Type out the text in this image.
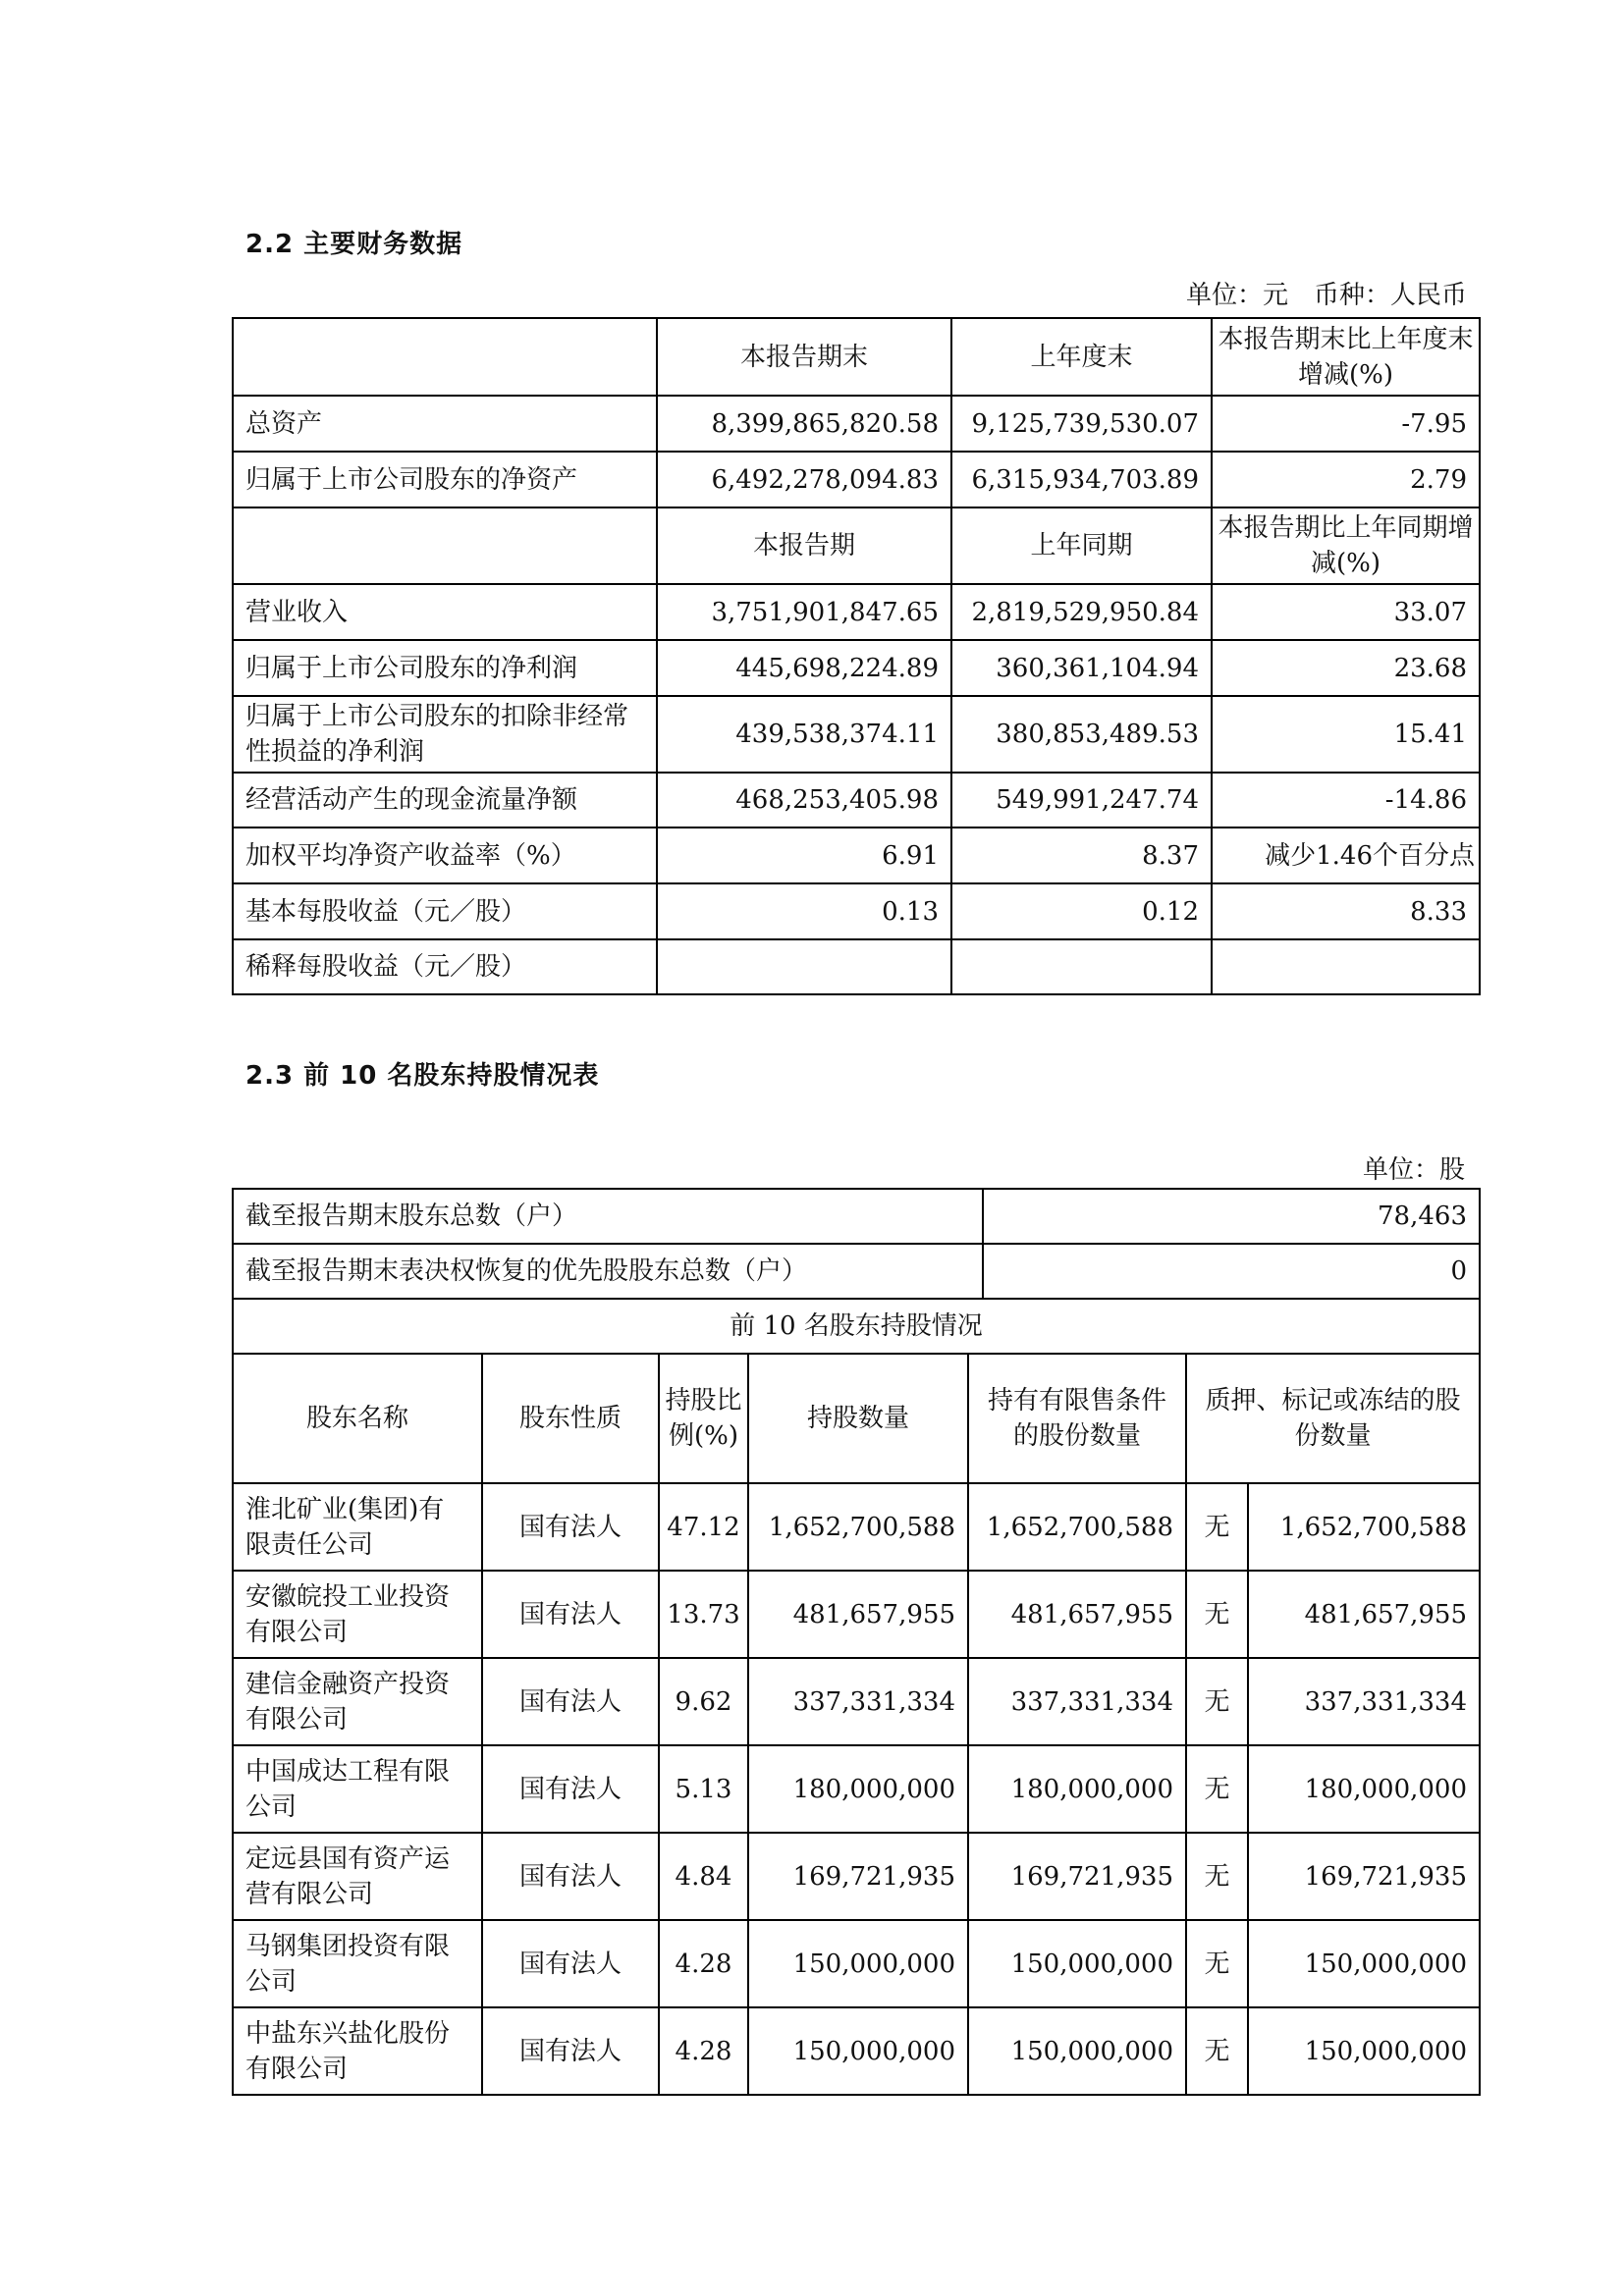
2.2 主要财务数据
单位：元　币种：人民币
	本报告期末	上年度末	本报告期末比上年度末增减(%)
总资产	8,399,865,820.58	9,125,739,530.07	-7.95
归属于上市公司股东的净资产	6,492,278,094.83	6,315,934,703.89	2.79
	本报告期	上年同期	本报告期比上年同期增减(%)
营业收入	3,751,901,847.65	2,819,529,950.84	33.07
归属于上市公司股东的净利润	445,698,224.89	360,361,104.94	23.68
归属于上市公司股东的扣除非经常性损益的净利润	439,538,374.11	380,853,489.53	15.41
经营活动产生的现金流量净额	468,253,405.98	549,991,247.74	-14.86
加权平均净资产收益率（%）	6.91	8.37	减少1.46个百分点
基本每股收益（元／股）	0.13	0.12	8.33
稀释每股收益（元／股）			
2.3 前 10 名股东持股情况表
单位：股
截至报告期末股东总数（户）	78,463
截至报告期末表决权恢复的优先股股东总数（户）	0
前 10 名股东持股情况	
股东名称	股东性质	持股比例(%)	持股数量	持有有限售条件的股份数量	质押、标记或冻结的股份数量	
淮北矿业(集团)有限责任公司	国有法人	47.12	1,652,700,588	1,652,700,588	无	1,652,700,588
安徽皖投工业投资有限公司	国有法人	13.73	481,657,955	481,657,955	无	481,657,955
建信金融资产投资有限公司	国有法人	9.62	337,331,334	337,331,334	无	337,331,334
中国成达工程有限公司	国有法人	5.13	180,000,000	180,000,000	无	180,000,000
定远县国有资产运营有限公司	国有法人	4.84	169,721,935	169,721,935	无	169,721,935
马钢集团投资有限公司	国有法人	4.28	150,000,000	150,000,000	无	150,000,000
中盐东兴盐化股份有限公司	国有法人	4.28	150,000,000	150,000,000	无	150,000,000
